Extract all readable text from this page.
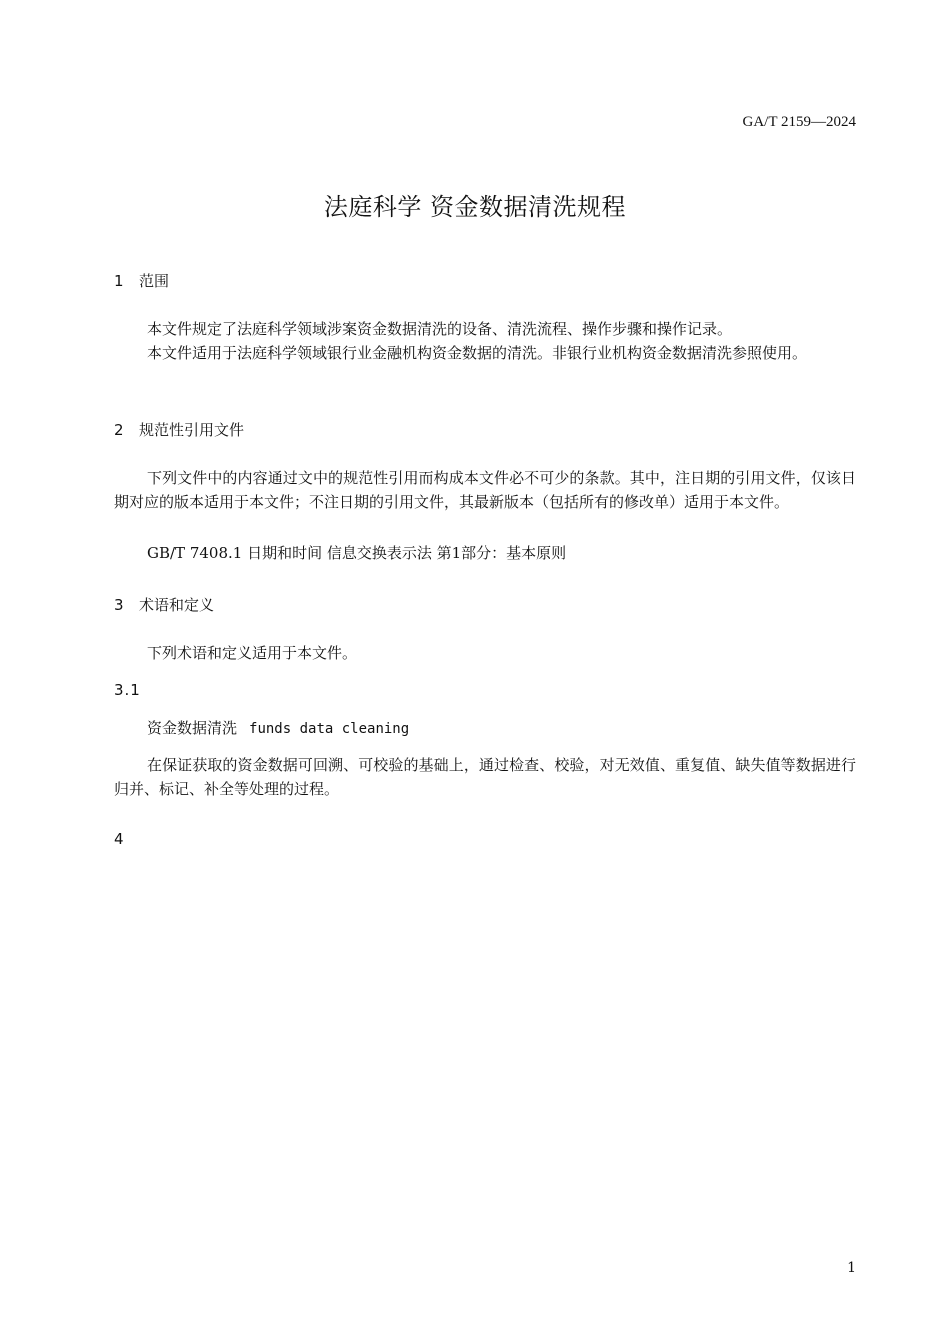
GA/T 2159—2024

法庭科学 资金数据清洗规程
1 范围

本文件规定了法庭科学领域涉案资金数据清洗的设备、清洗流程、操作步骤和操作记录。

本文件适用于法庭科学领域银行业金融机构资金数据的清洗。非银行业机构资金数据清洗参照使用。

2 规范性引用文件

下列文件中的内容通过文中的规范性引用而构成本文件必不可少的条款。其中，注日期的引用文件，仅该日期对应的版本适用于本文件；不注日期的引用文件，其最新版本（包括所有的修改单）适用于本文件。

GB/T 7408.1 日期和时间 信息交换表示法 第1部分：基本原则

3 术语和定义

下列术语和定义适用于本文件。

3.1
资金数据清洗 funds data cleaning

在保证获取的资金数据可回溯、可校验的基础上，通过检查、校验，对无效值、重复值、缺失值等数据进行归并、标记、补全等处理的过程。

4
1
